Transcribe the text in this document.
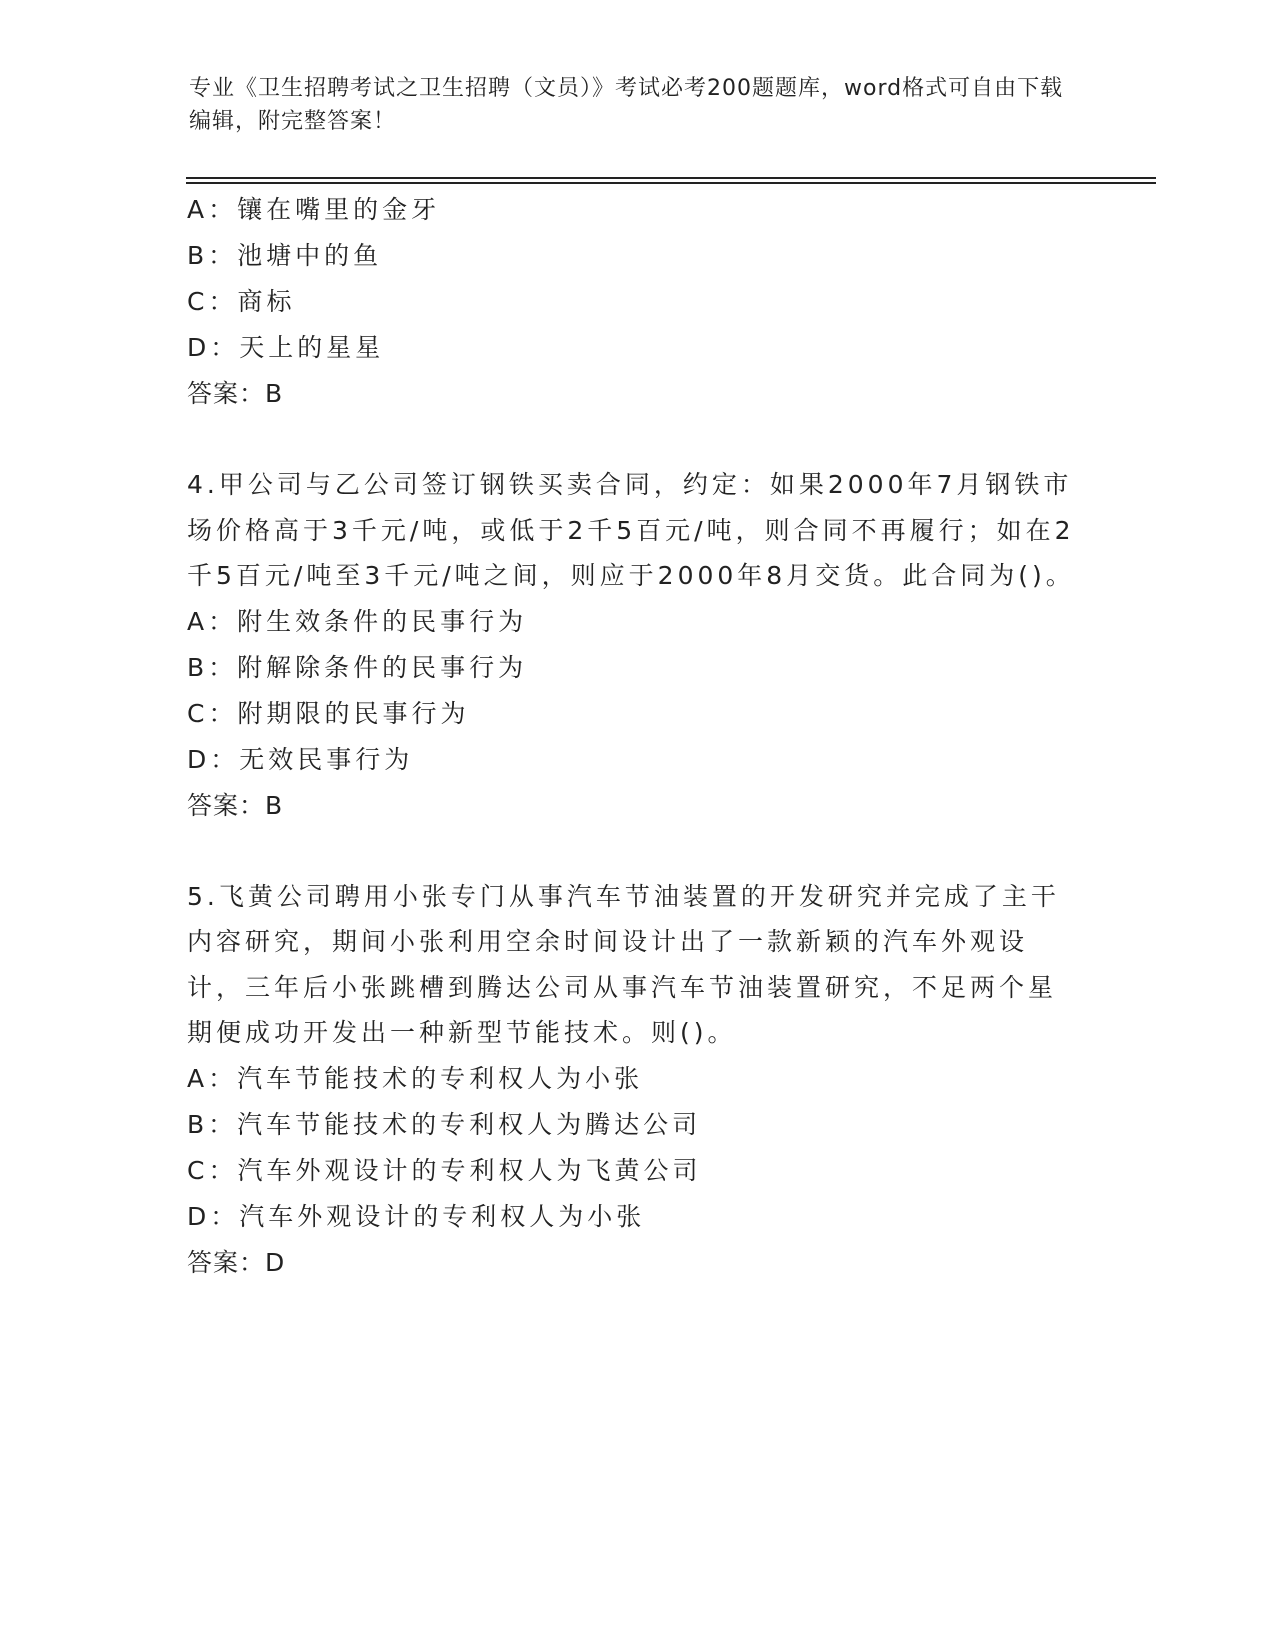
专业《卫生招聘考试之卫生招聘（文员）》考试必考200题题库，word格式可自由下载编辑，附完整答案！
A：镶在嘴里的金牙
B：池塘中的鱼
C：商标
D：天上的星星
答案：B
4.甲公司与乙公司签订钢铁买卖合同，约定：如果2000年7月钢铁市场价格高于3千元/吨，或低于2千5百元/吨，则合同不再履行；如在2千5百元/吨至3千元/吨之间，则应于2000年8月交货。此合同为()。
A：附生效条件的民事行为
B：附解除条件的民事行为
C：附期限的民事行为
D：无效民事行为
答案：B
5.飞黄公司聘用小张专门从事汽车节油装置的开发研究并完成了主干内容研究，期间小张利用空余时间设计出了一款新颖的汽车外观设计，三年后小张跳槽到腾达公司从事汽车节油装置研究，不足两个星期便成功开发出一种新型节能技术。则()。
A：汽车节能技术的专利权人为小张
B：汽车节能技术的专利权人为腾达公司
C：汽车外观设计的专利权人为飞黄公司
D：汽车外观设计的专利权人为小张
答案：D
